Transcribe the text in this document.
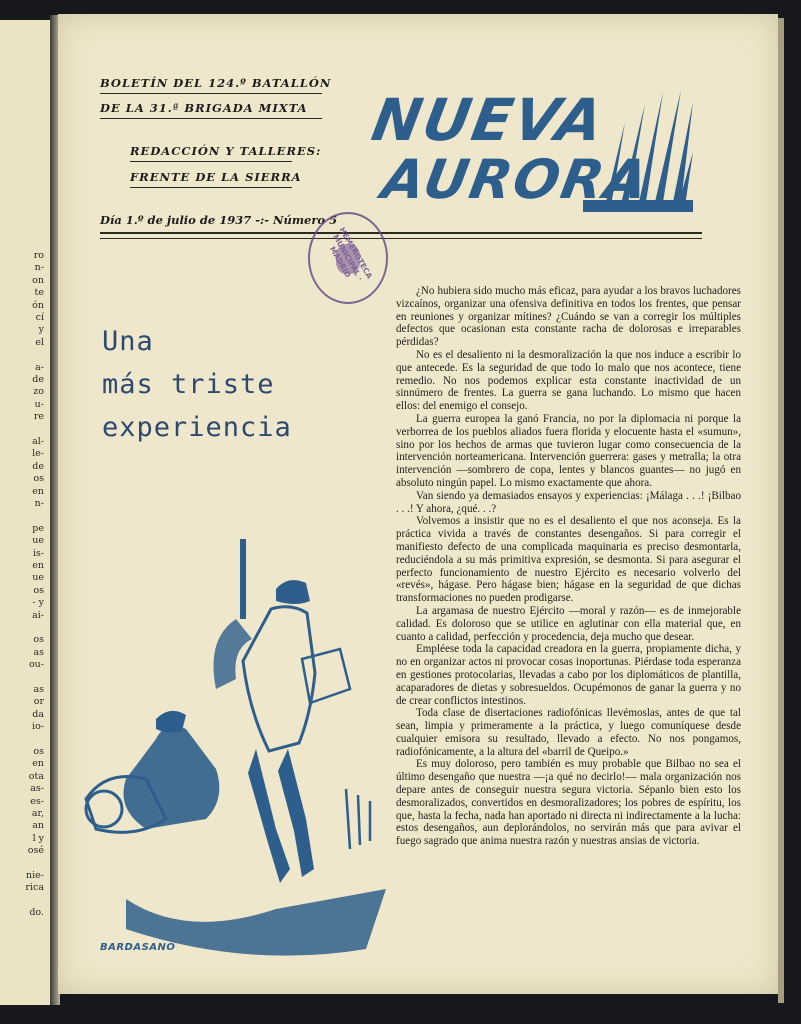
ro
n-
on
te
ón
cí
y
el
a-
de
zo
u-
re
al-
le-
de
os
en
n-
pe
ue
is-
en
ue
os
- y
ai-
os
as
ou-
as
or
da
io-
os
en
ota
as-
es-
ar,
an
l y
osé
nie-
rica
do.
BOLETÍN DEL 124.º BATALLÓN
DE LA 31.ª BRIGADA MIXTA
REDACCIÓN Y TALLERES:
FRENTE DE LA SIERRA
NUEVA
AURORA
Día 1.º de julio de 1937 -:- Número 5
HEMEROTECA MUNICIPAL · MADRID
Una
más triste
experiencia
BARDASANO

¿No hubiera sido mucho más eficaz, para ayudar a los bravos luchadores vizcaínos, organizar una ofensiva definitiva en todos los frentes, que pensar en reuniones y organizar mítines? ¿Cuándo se van a corregir los múltiples defectos que ocasionan esta constante racha de dolorosas e irreparables pérdidas?

No es el desaliento ni la desmoralización la que nos induce a escribir lo que antecede. Es la seguridad de que todo lo malo que nos acontece, tiene remedio. No nos podemos explicar esta constante inactividad de un sinnúmero de frentes. La guerra se gana luchando. Lo mismo que hacen ellos: del enemigo el consejo.

La guerra europea la ganó Francia, no por la diplomacia ni porque la verborrea de los pueblos aliados fuera florida y elocuente hasta el «sumun», sino por los hechos de armas que tuvieron lugar como consecuencia de la intervención norteamericana. Intervención guerrera: gases y metralla; la otra intervención —sombrero de copa, lentes y blancos guantes— no jugó en absoluto ningún papel. Lo mismo exactamente que ahora.

Van siendo ya demasiados ensayos y experiencias: ¡Málaga . . .! ¡Bilbao . . .! Y ahora, ¿qué. . .?

Volvemos a insistir que no es el desaliento el que nos aconseja. Es la práctica vivida a través de constantes desengaños. Si para corregir el manifiesto defecto de una complicada maquinaria es preciso desmontarla, reduciéndola a su más primitiva expresión, se desmonta. Si para asegurar el perfecto funcionamiento de nuestro Ejército es necesario volverlo del «revés», hágase. Pero hágase bien; hágase en la seguridad de que dichas transformaciones no pueden prodigarse.

La argamasa de nuestro Ejército —moral y razón— es de inmejorable calidad. Es doloroso que se utilice en aglutinar con ella material que, en cuanto a calidad, perfección y procedencia, deja mucho que desear.

Empléese toda la capacidad creadora en la guerra, propiamente dicha, y no en organizar actos ni provocar cosas inoportunas. Piérdase toda esperanza en gestiones protocolarias, llevadas a cabo por los diplomáticos de plantilla, acaparadores de dietas y sobresueldos. Ocupémonos de ganar la guerra y no de crear conflictos intestinos.

Toda clase de disertaciones radiofónicas llevémoslas, antes de que tal sean, limpia y primeramente a la práctica, y luego comuníquese desde cualquier emisora su resultado, llevado a efecto. No nos pongamos, radiofónicamente, a la altura del «barril de Queipo.»

Es muy doloroso, pero también es muy probable que Bilbao no sea el último desengaño que nuestra —¡a qué no decirlo!— mala organización nos depare antes de conseguir nuestra segura victoria. Sépanlo bien esto los desmoralizados, convertidos en desmoralizadores; los pobres de espíritu, los que, hasta la fecha, nada han aportado ni directa ni indirectamente a la lucha: estos desengaños, aun deplorándolos, no servirán más que para avivar el fuego sagrado que anima nuestra razón y nuestras ansias de victoria.
